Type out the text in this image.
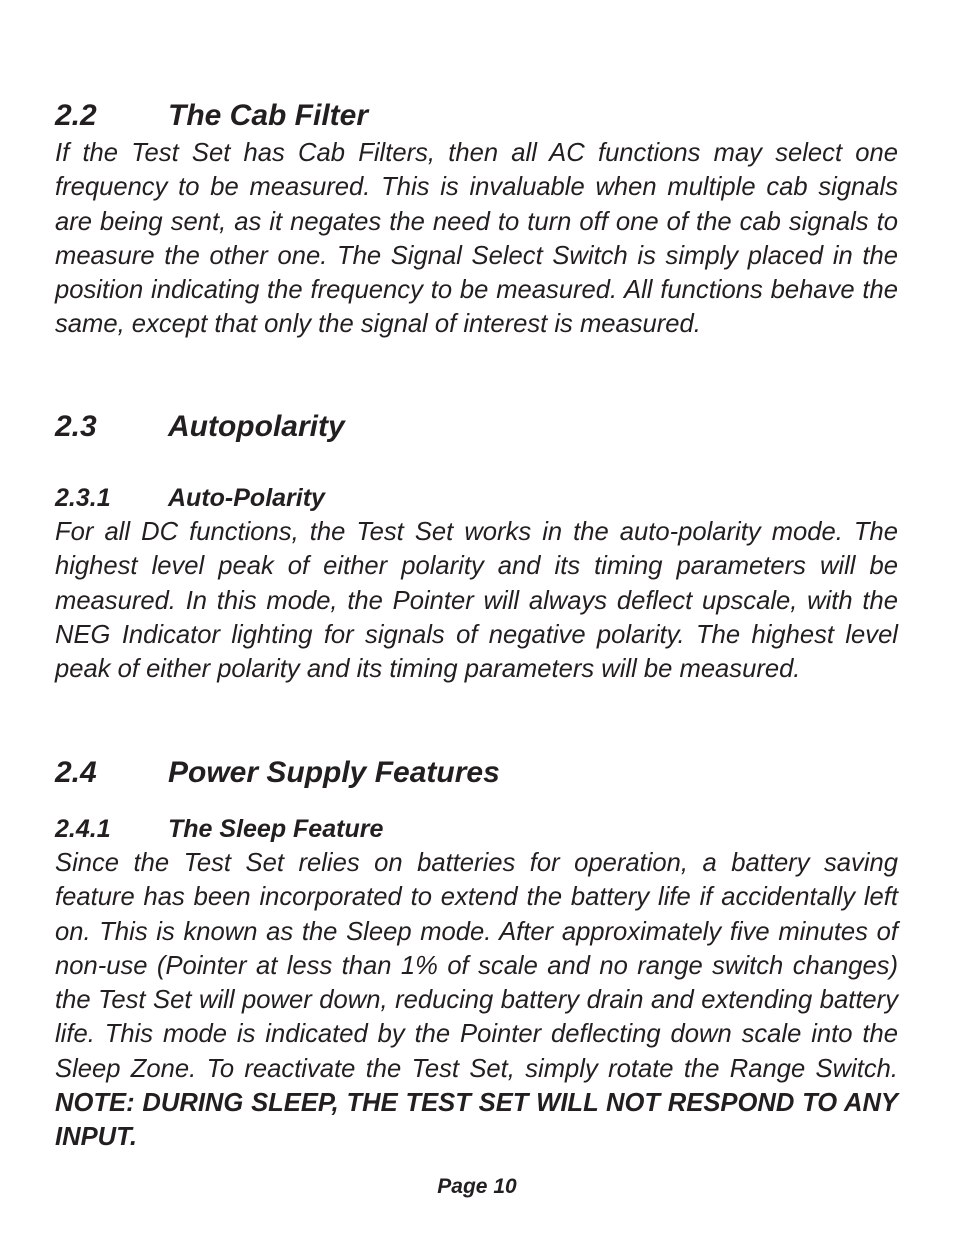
2.2	The Cab Filter

If the Test Set has Cab Filters, then all AC functions may select one frequency to be measured. This is invaluable when multiple cab signals are being sent, as it negates the need to turn off one of the cab signals to measure the other one. The Signal Select Switch is simply placed in the position indicating the frequency to be measured. All functions behave the same, except that only the signal of interest is measured.

2.3	Autopolarity
2.3.1	Auto-Polarity

For all DC functions, the Test Set works in the auto-polarity mode. The highest level peak of either polarity and its timing parameters will be measured. In this mode, the Pointer will always deflect upscale, with the NEG Indicator lighting for signals of negative polarity. The highest level peak of either polarity and its timing parameters will be measured.

2.4	Power Supply Features
2.4.1	The Sleep Feature

Since the Test Set relies on batteries for operation, a battery saving feature has been incorporated to extend the battery life if accidentally left on. This is known as the Sleep mode. After approximately five minutes of non-use (Pointer at less than 1% of scale and no range switch changes) the Test Set will power down, reducing battery drain and extending battery life. This mode is indicated by the Pointer deflecting down scale into the Sleep Zone. To reactivate the Test Set, simply rotate the Range Switch. NOTE: DURING SLEEP, THE TEST SET WILL NOT RESPOND TO ANY INPUT.

Page 10
